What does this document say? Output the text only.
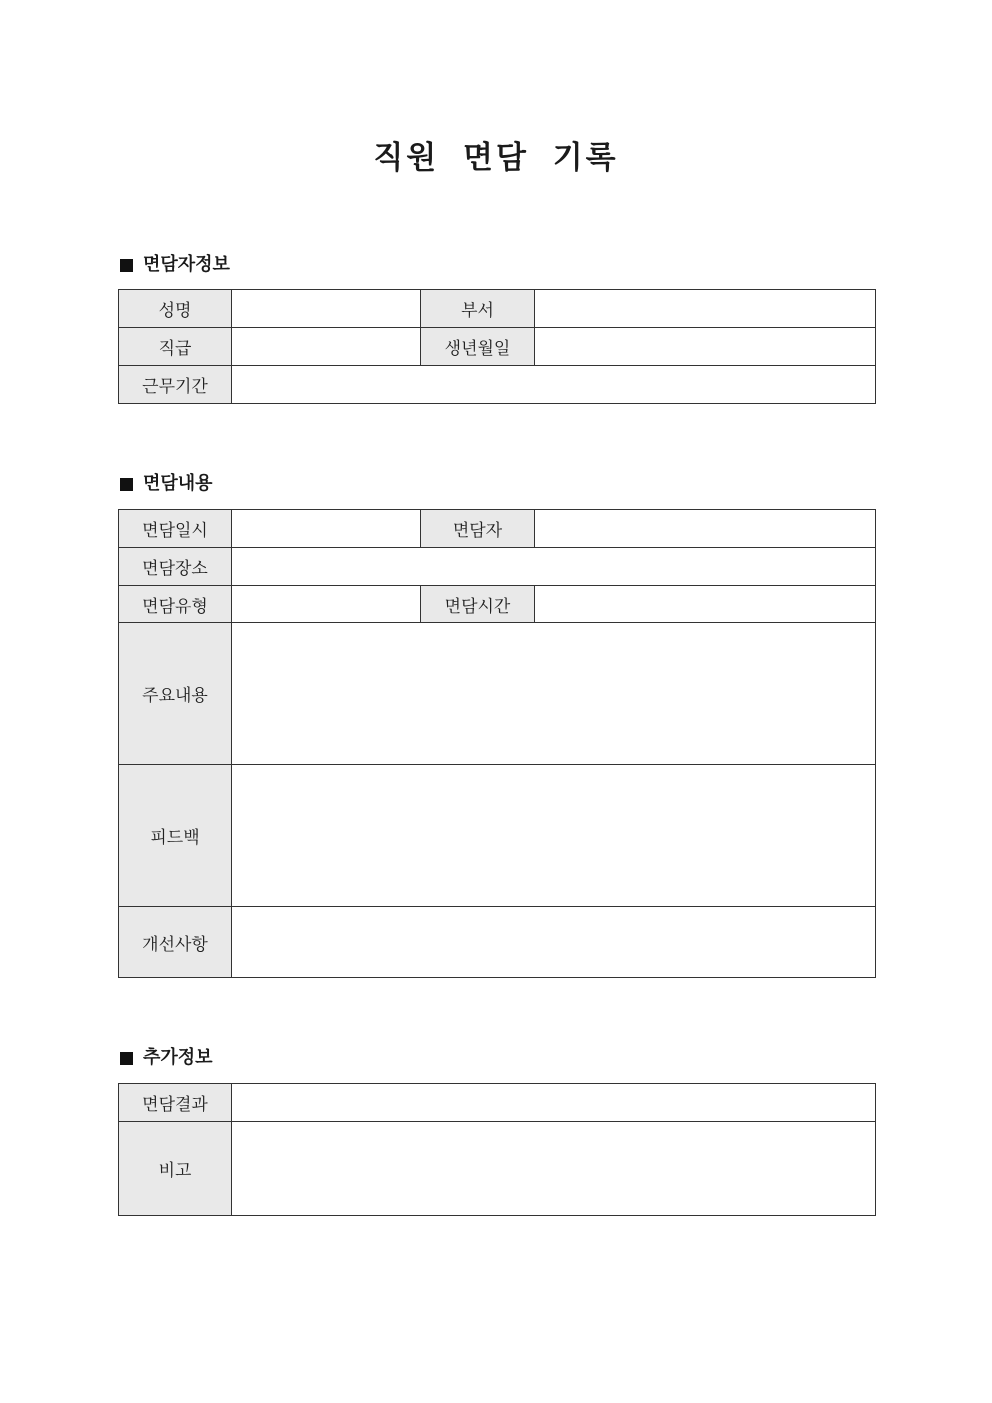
직원 면담 기록
면담자정보
성명		부서	
직급		생년월일	
근무기간			
면담내용
면담일시		면담자	
면담장소			
면담유형		면담시간	
주요내용			
피드백			
개선사항			
추가정보
면담결과	
비고	
